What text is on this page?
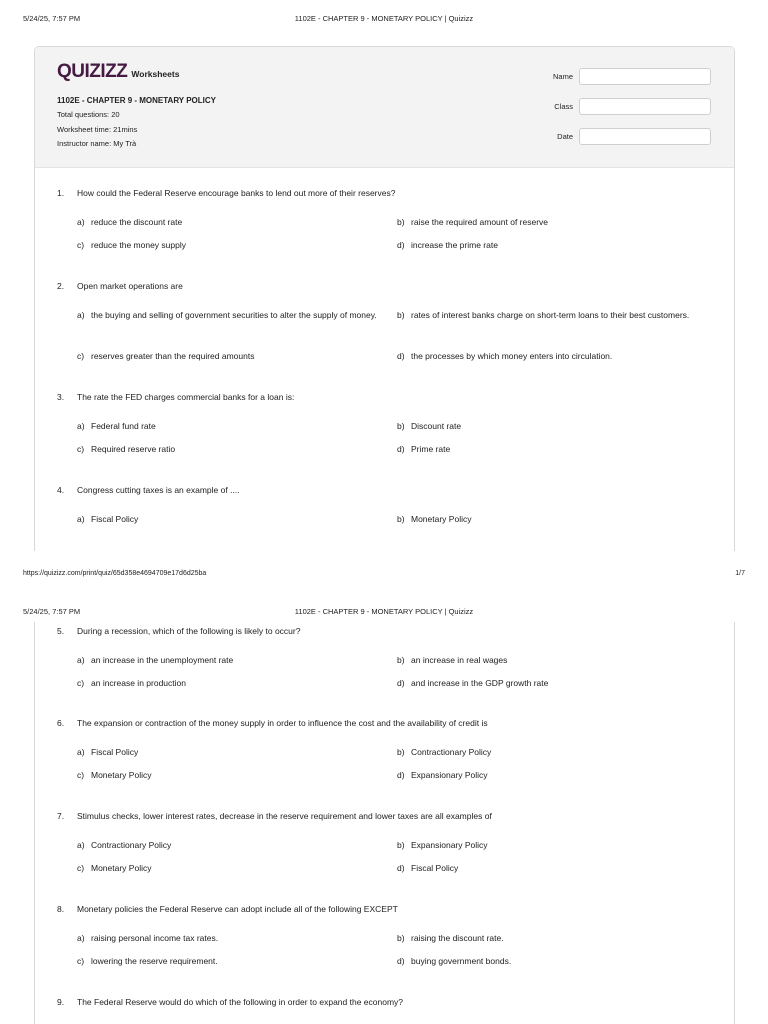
5/24/25, 7:57 PM	1102E - CHAPTER 9 - MONETARY POLICY | Quizizz
QUIZIZZ Worksheets
1102E - CHAPTER 9 - MONETARY POLICY
Total questions: 20
Worksheet time: 21mins
Instructor name: My Trà
Name
Class
Date
1. How could the Federal Reserve encourage banks to lend out more of their reserves?
a) reduce the discount rate	b) raise the required amount of reserve
c) reduce the money supply	d) increase the prime rate
2. Open market operations are
a) the buying and selling of government securities to alter the supply of money.	b) rates of interest banks charge on short-term loans to their best customers.
c) reserves greater than the required amounts	d) the processes by which money enters into circulation.
3. The rate the FED charges commercial banks for a loan is:
a) Federal fund rate	b) Discount rate
c) Required reserve ratio	d) Prime rate
4. Congress cutting taxes is an example of ....
a) Fiscal Policy	b) Monetary Policy
https://quizizz.com/print/quiz/65d358e4694709e17d6d25ba	1/7
5/24/25, 7:57 PM	1102E - CHAPTER 9 - MONETARY POLICY | Quizizz
5. During a recession, which of the following is likely to occur?
a) an increase in the unemployment rate	b) an increase in real wages
c) an increase in production	d) and increase in the GDP growth rate
6. The expansion or contraction of the money supply in order to influence the cost and the availability of credit is
a) Fiscal Policy	b) Contractionary Policy
c) Monetary Policy	d) Expansionary Policy
7. Stimulus checks, lower interest rates, decrease in the reserve requirement and lower taxes are all examples of
a) Contractionary Policy	b) Expansionary Policy
c) Monetary Policy	d) Fiscal Policy
8. Monetary policies the Federal Reserve can adopt include all of the following EXCEPT
a) raising personal income tax rates.	b) raising the discount rate.
c) lowering the reserve requirement.	d) buying government bonds.
9. The Federal Reserve would do which of the following in order to expand the economy?
